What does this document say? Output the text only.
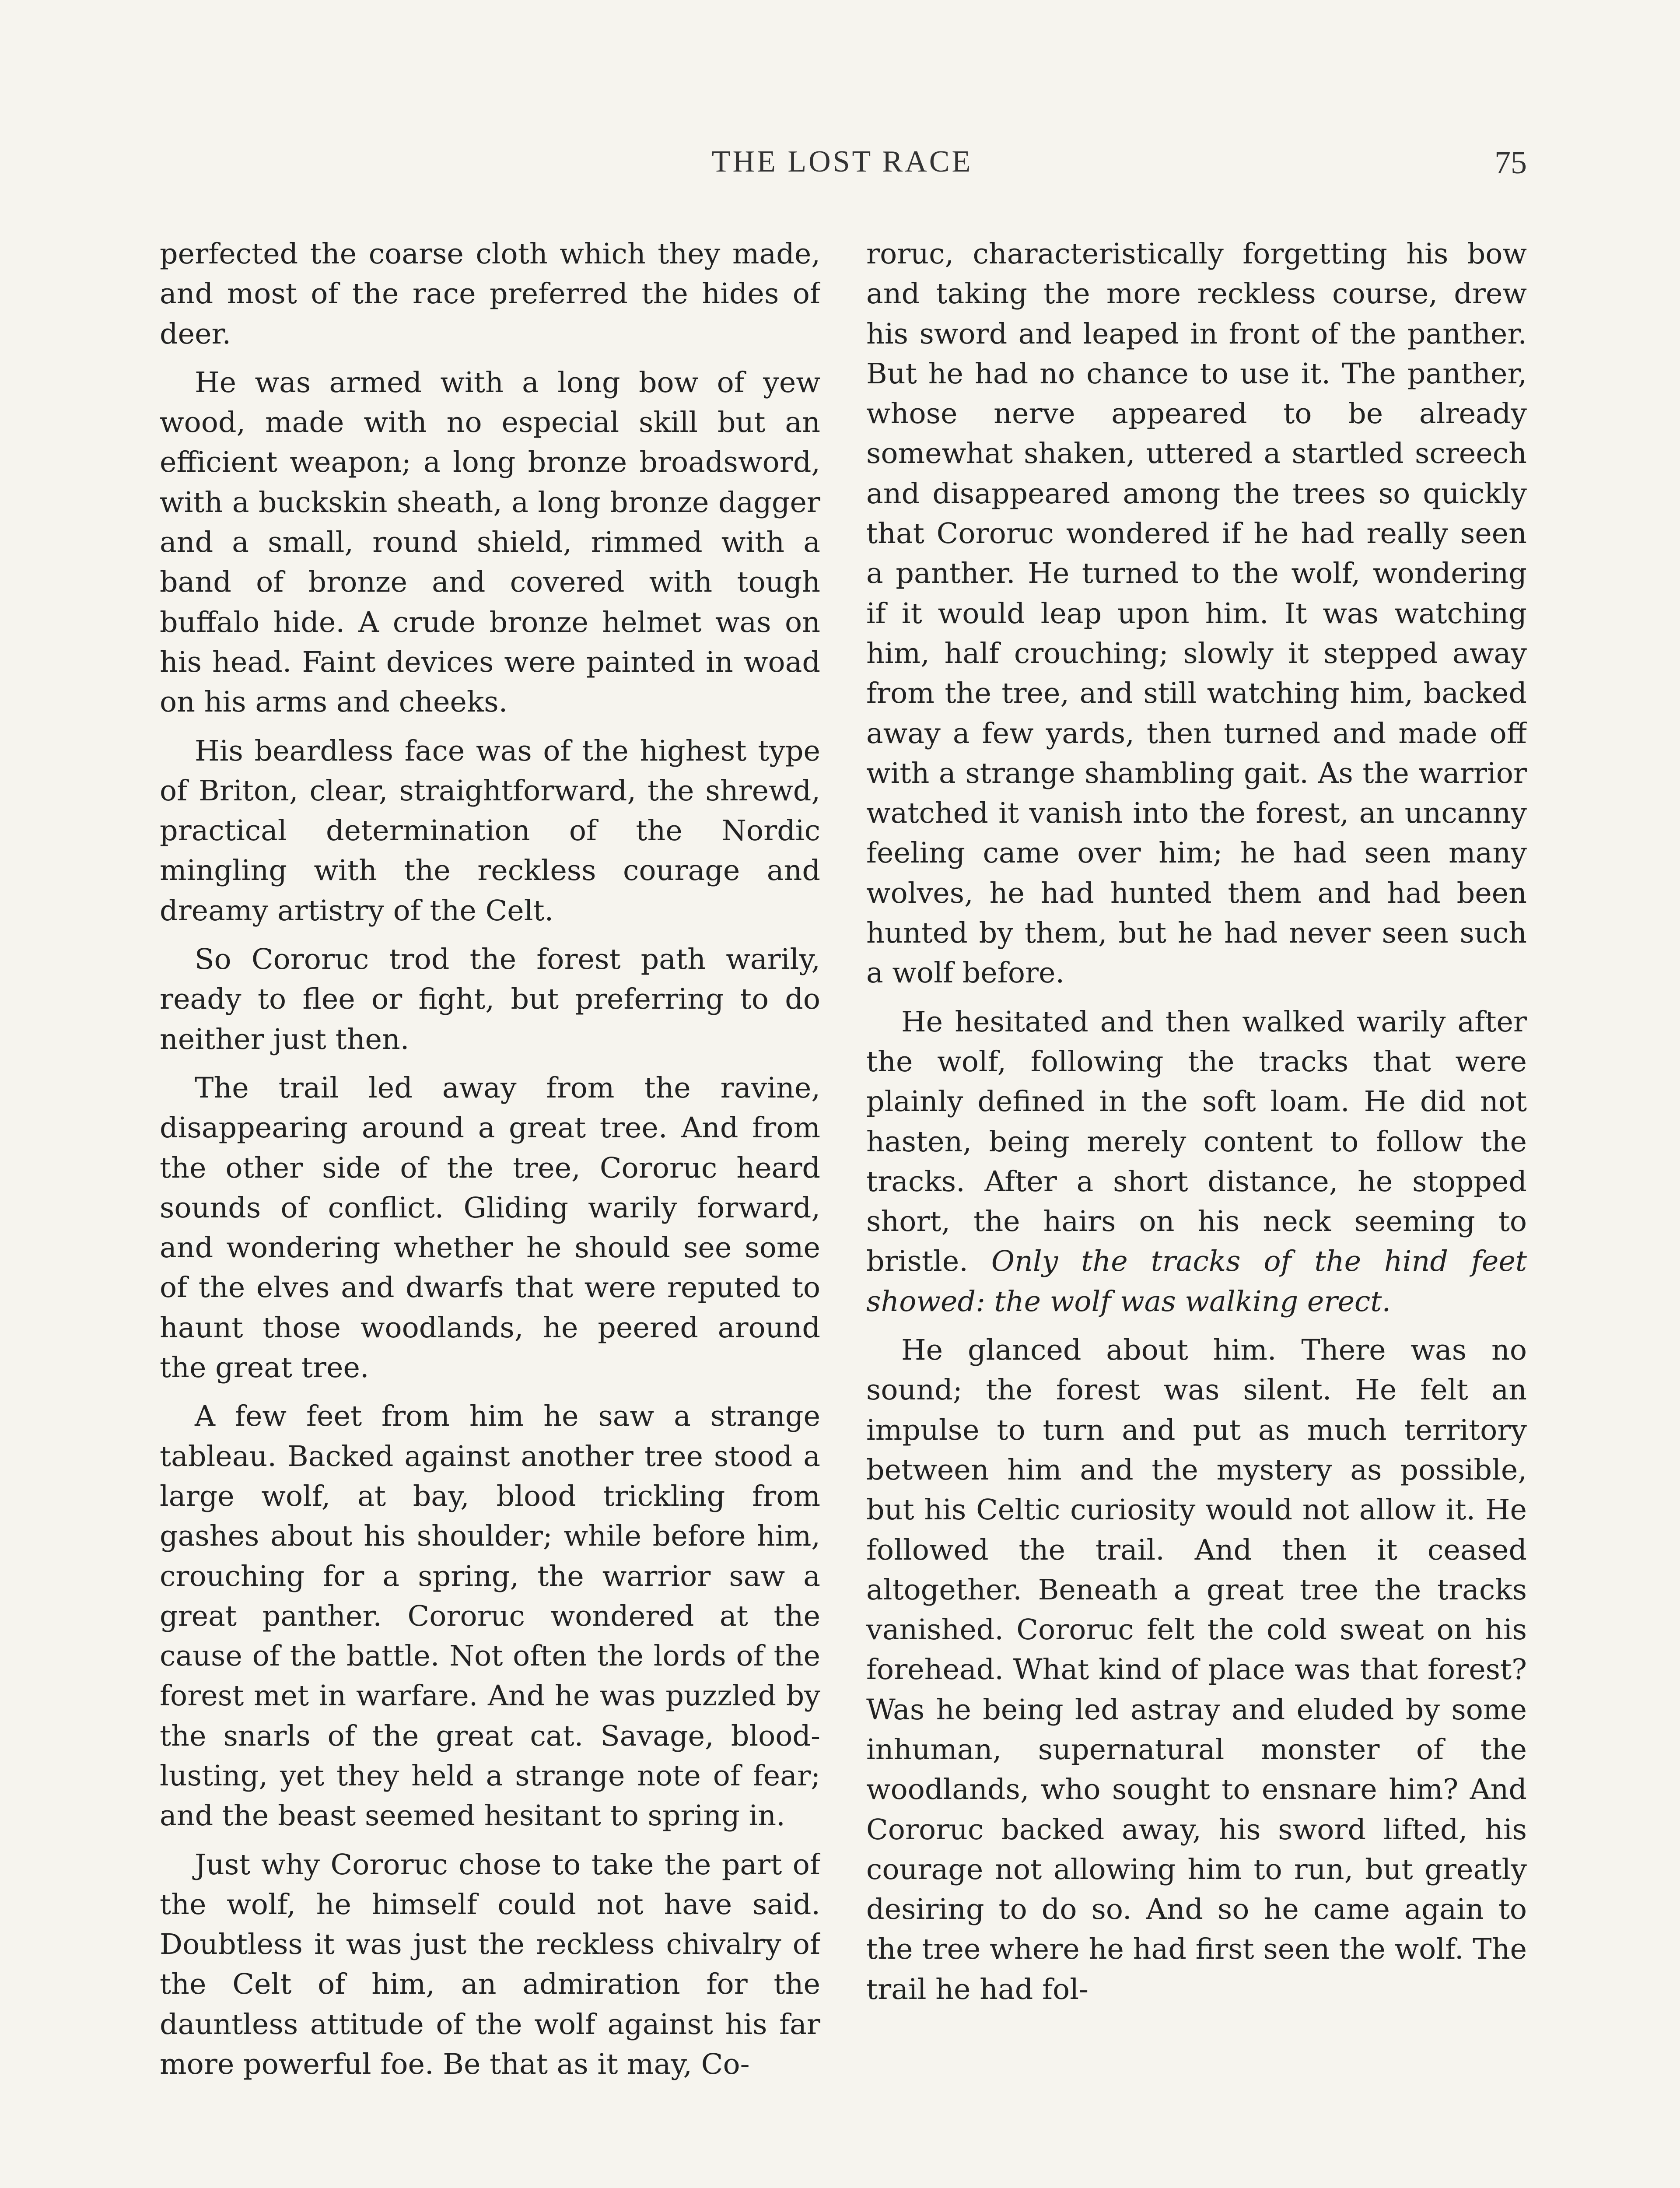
THE LOST RACE	75

perfected the coarse cloth which they made, and most of the race preferred the hides of deer.

He was armed with a long bow of yew wood, made with no especial skill but an efficient weapon; a long bronze broadsword, with a buckskin sheath, a long bronze dagger and a small, round shield, rimmed with a band of bronze and covered with tough buffalo hide. A crude bronze helmet was on his head. Faint devices were painted in woad on his arms and cheeks.

His beardless face was of the highest type of Briton, clear, straightforward, the shrewd, practical determination of the Nordic mingling with the reckless courage and dreamy artistry of the Celt.

So Cororuc trod the forest path warily, ready to flee or fight, but preferring to do neither just then.

The trail led away from the ravine, disappearing around a great tree. And from the other side of the tree, Cororuc heard sounds of conflict. Gliding warily forward, and wondering whether he should see some of the elves and dwarfs that were reputed to haunt those woodlands, he peered around the great tree.

A few feet from him he saw a strange tableau. Backed against another tree stood a large wolf, at bay, blood trickling from gashes about his shoulder; while before him, crouching for a spring, the warrior saw a great panther. Cororuc wondered at the cause of the battle. Not often the lords of the forest met in warfare. And he was puzzled by the snarls of the great cat. Savage, blood-lusting, yet they held a strange note of fear; and the beast seemed hesitant to spring in.

Just why Cororuc chose to take the part of the wolf, he himself could not have said. Doubtless it was just the reckless chivalry of the Celt of him, an admiration for the dauntless attitude of the wolf against his far more powerful foe. Be that as it may, Co-

roruc, characteristically forgetting his bow and taking the more reckless course, drew his sword and leaped in front of the panther. But he had no chance to use it. The panther, whose nerve appeared to be already somewhat shaken, uttered a startled screech and disappeared among the trees so quickly that Cororuc wondered if he had really seen a panther. He turned to the wolf, wondering if it would leap upon him. It was watching him, half crouching; slowly it stepped away from the tree, and still watching him, backed away a few yards, then turned and made off with a strange shambling gait. As the warrior watched it vanish into the forest, an uncanny feeling came over him; he had seen many wolves, he had hunted them and had been hunted by them, but he had never seen such a wolf before.

He hesitated and then walked warily after the wolf, following the tracks that were plainly defined in the soft loam. He did not hasten, being merely content to follow the tracks. After a short distance, he stopped short, the hairs on his neck seeming to bristle. Only the tracks of the hind feet showed: the wolf was walking erect.

He glanced about him. There was no sound; the forest was silent. He felt an impulse to turn and put as much territory between him and the mystery as possible, but his Celtic curiosity would not allow it. He followed the trail. And then it ceased altogether. Beneath a great tree the tracks vanished. Cororuc felt the cold sweat on his forehead. What kind of place was that forest? Was he being led astray and eluded by some inhuman, supernatural monster of the woodlands, who sought to ensnare him? And Cororuc backed away, his sword lifted, his courage not allowing him to run, but greatly desiring to do so. And so he came again to the tree where he had first seen the wolf. The trail he had fol-
